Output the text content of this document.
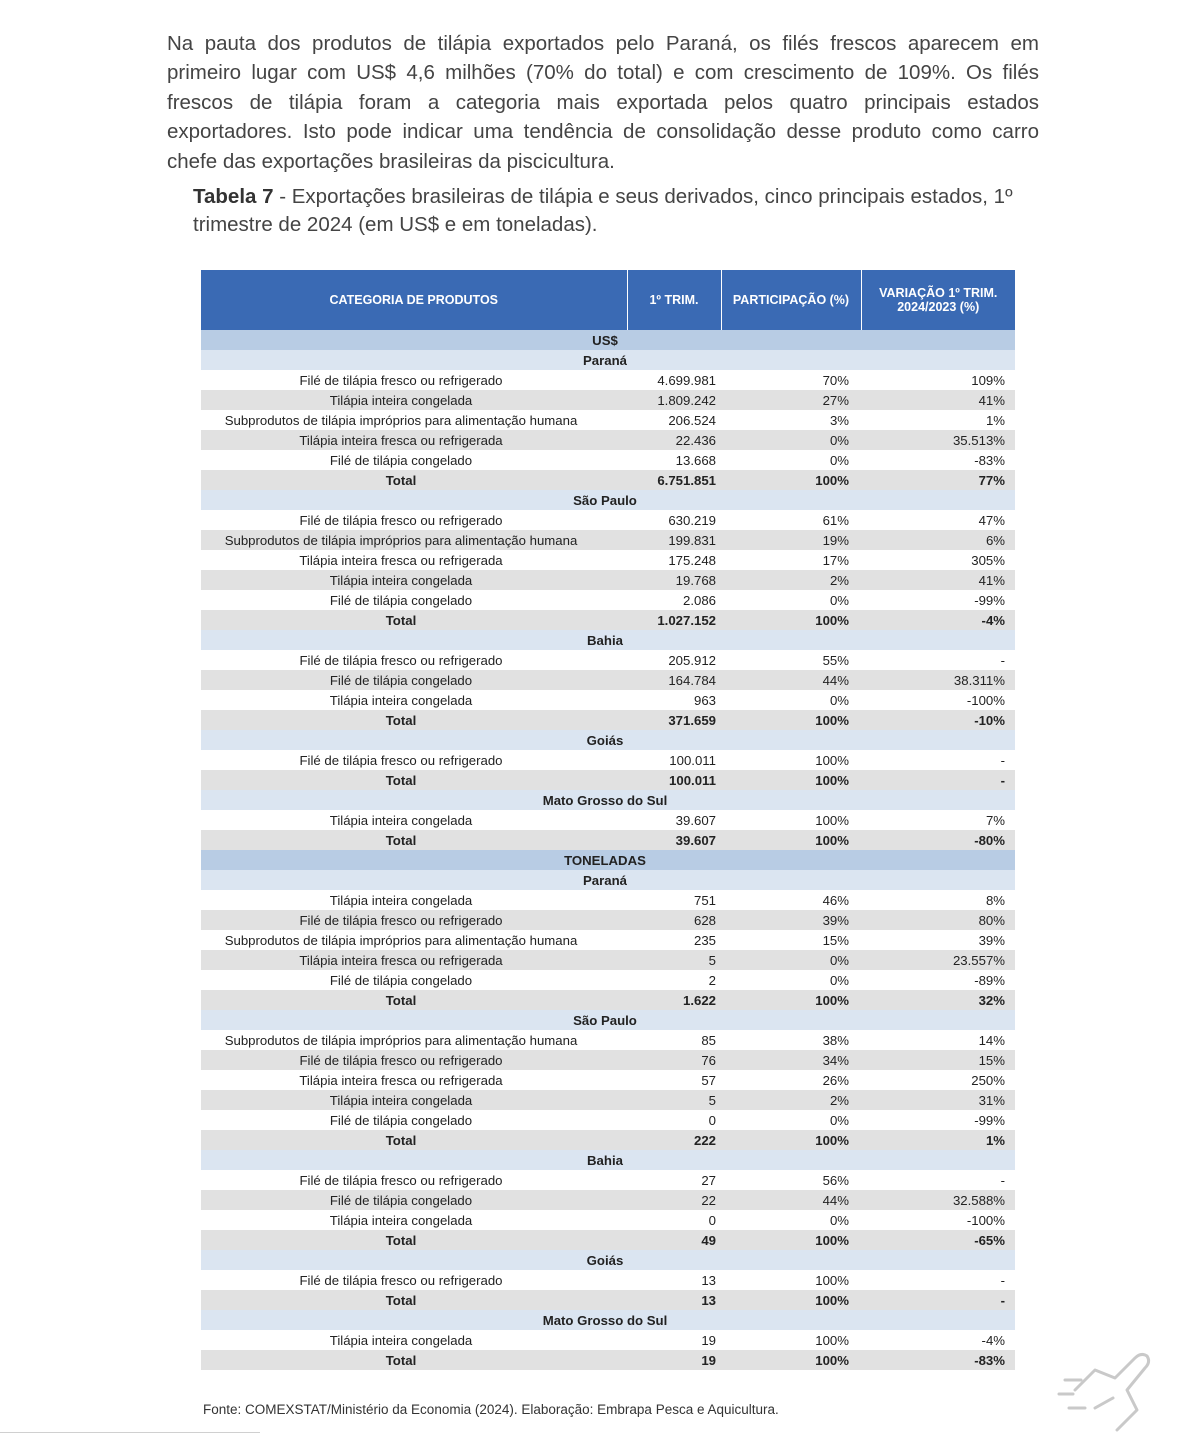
Na pauta dos produtos de tilápia exportados pelo Paraná, os filés frescos aparecem em primeiro lugar com US$ 4,6 milhões (70% do total) e com crescimento de 109%. Os filés frescos de tilápia foram a categoria mais exportada pelos quatro principais estados exportadores. Isto pode indicar uma tendência de consolidação desse produto como carro chefe das exportações brasileiras da piscicultura.

Tabela 7 - Exportações brasileiras de tilápia e seus derivados, cinco principais estados, 1º trimestre de 2024 (em US$ e em toneladas).
CATEGORIA DE PRODUTOS	1º TRIM.	PARTICIPAÇÃO (%)	VARIAÇÃO 1º TRIM. 2024/2023 (%)
US$			
Paraná			
Filé de tilápia fresco ou refrigerado	4.699.981	70%	109%
Tilápia inteira congelada	1.809.242	27%	41%
Subprodutos de tilápia impróprios para alimentação humana	206.524	3%	1%
Tilápia inteira fresca ou refrigerada	22.436	0%	35.513%
Filé de tilápia congelado	13.668	0%	-83%
Total	6.751.851	100%	77%
São Paulo			
Filé de tilápia fresco ou refrigerado	630.219	61%	47%
Subprodutos de tilápia impróprios para alimentação humana	199.831	19%	6%
Tilápia inteira fresca ou refrigerada	175.248	17%	305%
Tilápia inteira congelada	19.768	2%	41%
Filé de tilápia congelado	2.086	0%	-99%
Total	1.027.152	100%	-4%
Bahia			
Filé de tilápia fresco ou refrigerado	205.912	55%	-
Filé de tilápia congelado	164.784	44%	38.311%
Tilápia inteira congelada	963	0%	-100%
Total	371.659	100%	-10%
Goiás			
Filé de tilápia fresco ou refrigerado	100.011	100%	-
Total	100.011	100%	-
Mato Grosso do Sul			
Tilápia inteira congelada	39.607	100%	7%
Total	39.607	100%	-80%
TONELADAS			
Paraná			
Tilápia inteira congelada	751	46%	8%
Filé de tilápia fresco ou refrigerado	628	39%	80%
Subprodutos de tilápia impróprios para alimentação humana	235	15%	39%
Tilápia inteira fresca ou refrigerada	5	0%	23.557%
Filé de tilápia congelado	2	0%	-89%
Total	1.622	100%	32%
São Paulo			
Subprodutos de tilápia impróprios para alimentação humana	85	38%	14%
Filé de tilápia fresco ou refrigerado	76	34%	15%
Tilápia inteira fresca ou refrigerada	57	26%	250%
Tilápia inteira congelada	5	2%	31%
Filé de tilápia congelado	0	0%	-99%
Total	222	100%	1%
Bahia			
Filé de tilápia fresco ou refrigerado	27	56%	-
Filé de tilápia congelado	22	44%	32.588%
Tilápia inteira congelada	0	0%	-100%
Total	49	100%	-65%
Goiás			
Filé de tilápia fresco ou refrigerado	13	100%	-
Total	13	100%	-
Mato Grosso do Sul			
Tilápia inteira congelada	19	100%	-4%
Total	19	100%	-83%
Fonte: COMEXSTAT/Ministério da Economia (2024). Elaboração: Embrapa Pesca e Aquicultura.
